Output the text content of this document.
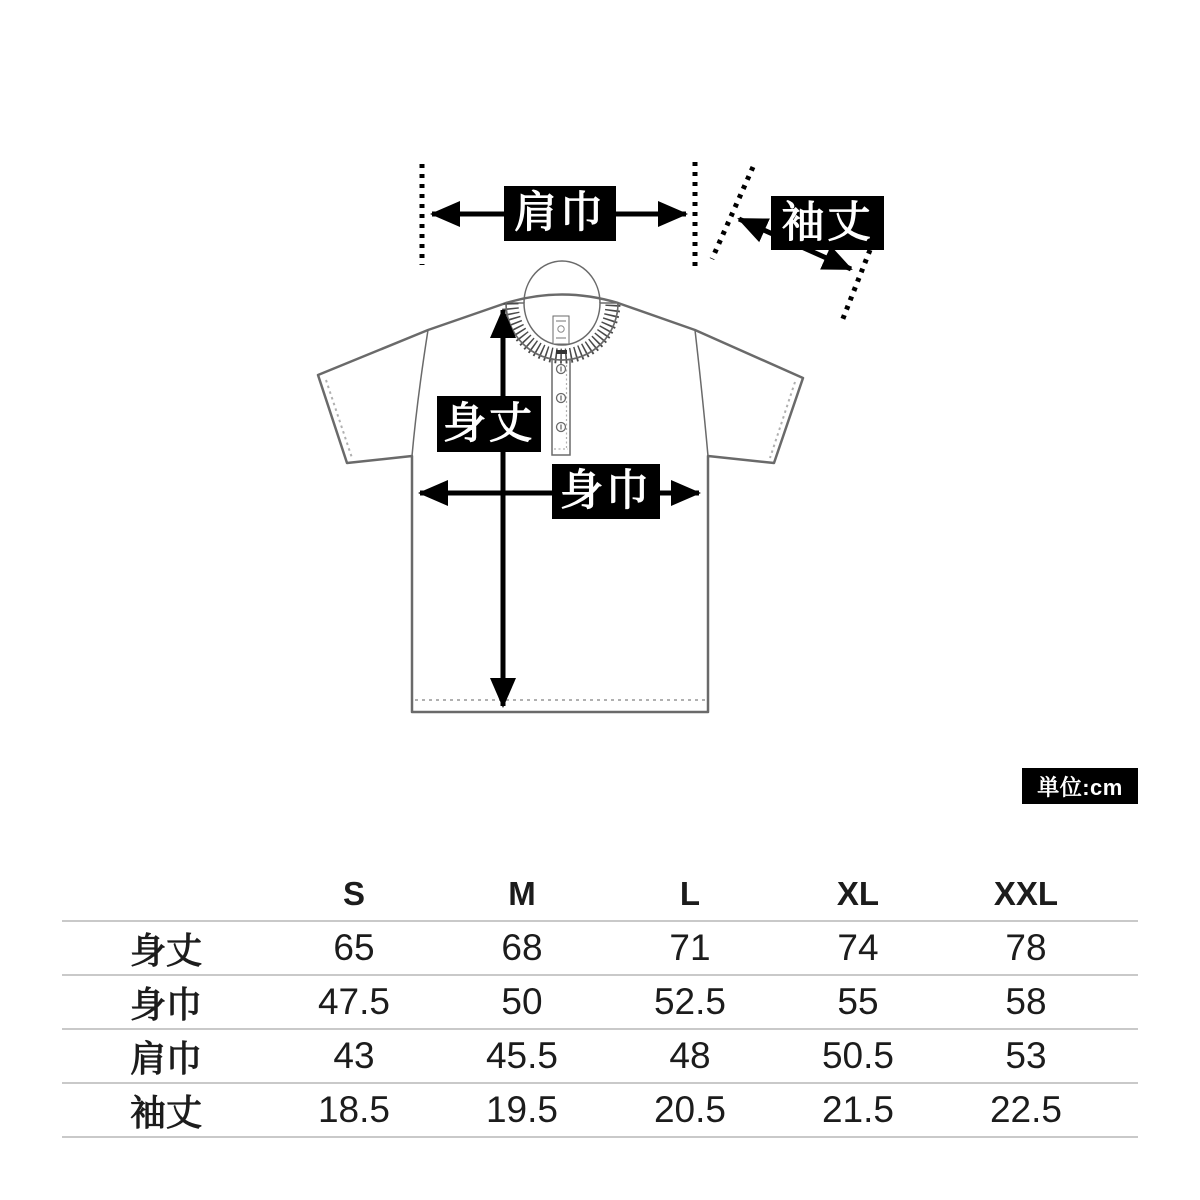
肩巾	袖丈
身丈
身巾
単位:cm
	S	M	L	XL	XXL	
身丈	65	68	71	74	78	
身巾	47.5	50	52.5	55	58	
肩巾	43	45.5	48	50.5	53	
袖丈	18.5	19.5	20.5	21.5	22.5	
